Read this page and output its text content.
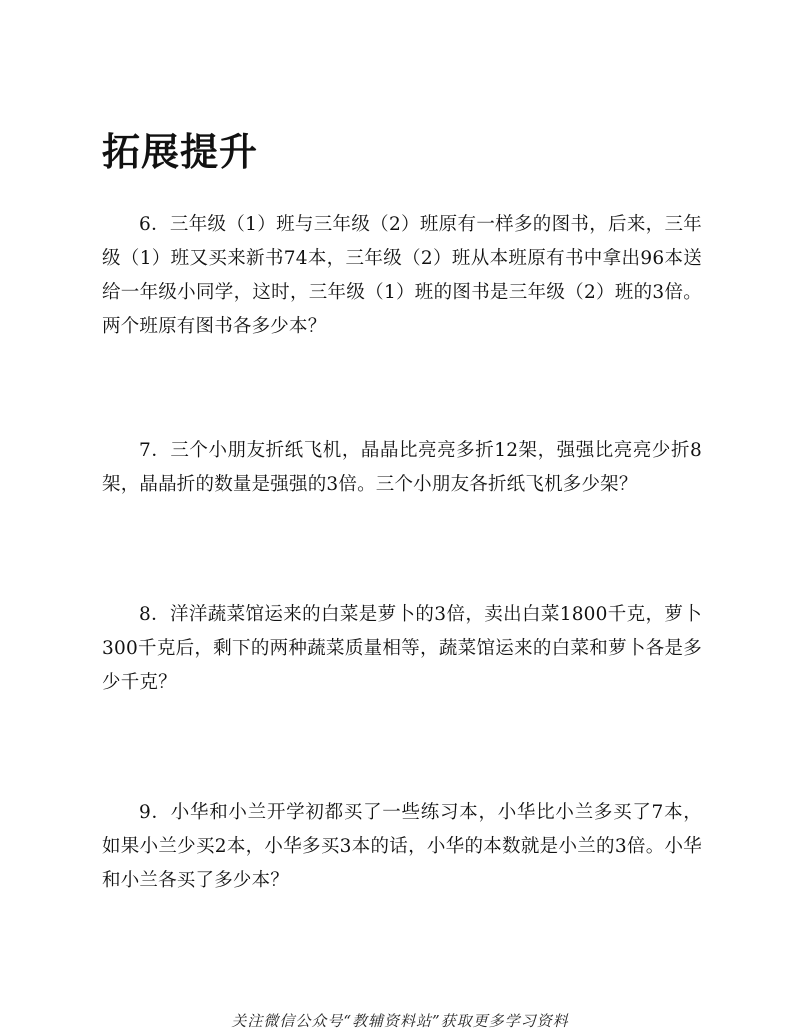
拓展提升

6．三年级（1）班与三年级（2）班原有一样多的图书，后来，三年级（1）班又买来新书74本，三年级（2）班从本班原有书中拿出96本送给一年级小同学，这时，三年级（1）班的图书是三年级（2）班的3倍。两个班原有图书各多少本？

7．三个小朋友折纸飞机，晶晶比亮亮多折12架，强强比亮亮少折8架，晶晶折的数量是强强的3倍。三个小朋友各折纸飞机多少架？

8．洋洋蔬菜馆运来的白菜是萝卜的3倍，卖出白菜1800千克，萝卜300千克后，剩下的两种蔬菜质量相等，蔬菜馆运来的白菜和萝卜各是多少千克？

9．小华和小兰开学初都买了一些练习本，小华比小兰多买了7本，如果小兰少买2本，小华多买3本的话，小华的本数就是小兰的3倍。小华和小兰各买了多少本？

关注微信公众号“教辅资料站”获取更多学习资料
